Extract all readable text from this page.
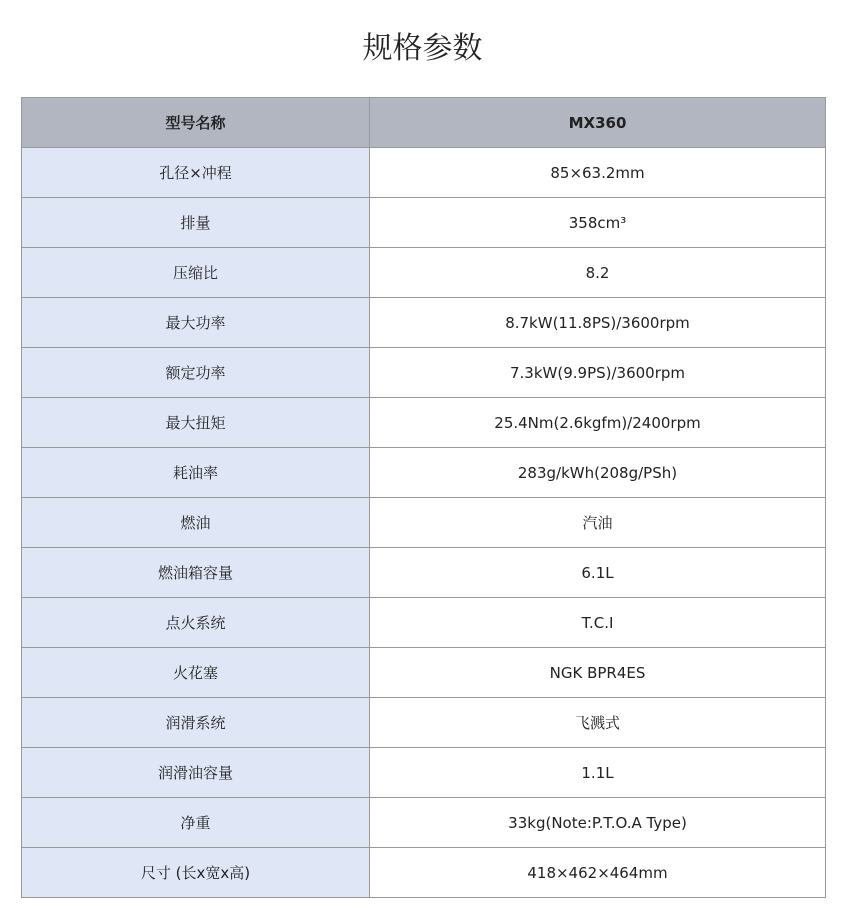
规格参数
型号名称	MX360
孔径×冲程	85×63.2mm
排量	358cm³
压缩比	8.2
最大功率	8.7kW(11.8PS)/3600rpm
额定功率	7.3kW(9.9PS)/3600rpm
最大扭矩	25.4Nm(2.6kgfm)/2400rpm
耗油率	283g/kWh(208g/PSh)
燃油	汽油
燃油箱容量	6.1L
点火系统	T.C.I
火花塞	NGK BPR4ES
润滑系统	飞溅式
润滑油容量	1.1L
净重	33kg(Note:P.T.O.A Type)
尺寸 (长x宽x高)	418×462×464mm
